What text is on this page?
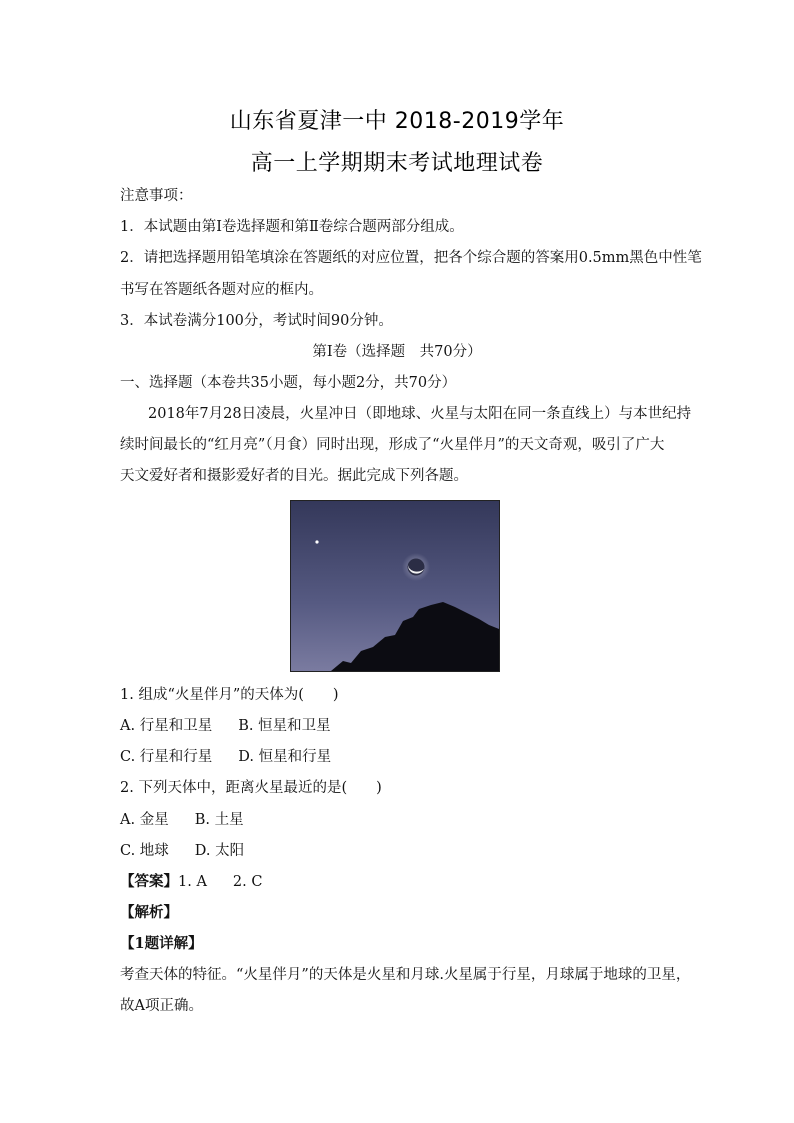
山东省夏津一中 2018-2019学年
高一上学期期末考试地理试卷
注意事项：
1．本试题由第Ⅰ卷选择题和第Ⅱ卷综合题两部分组成。
2．请把选择题用铅笔填涂在答题纸的对应位置，把各个综合题的答案用0.5mm黑色中性笔
书写在答题纸各题对应的框内。
3．本试卷满分100分，考试时间90分钟。
第Ⅰ卷（选择题　共70分）
一、选择题（本卷共35小题，每小题2分，共70分）
2018年7月28日凌晨，火星冲日（即地球、火星与太阳在同一条直线上）与本世纪持
续时间最长的“红月亮”（月食）同时出现，形成了“火星伴月”的天文奇观，吸引了广大
天文爱好者和摄影爱好者的目光。据此完成下列各题。
1. 组成“火星伴月”的天体为(　　)
A. 行星和卫星 B. 恒星和卫星
C. 行星和行星 D. 恒星和行星
2. 下列天体中，距离火星最近的是(　　)
A. 金星 B. 土星
C. 地球 D. 太阳
【答案】1. A 2. C
【解析】
【1题详解】
考查天体的特征。“火星伴月”的天体是火星和月球.火星属于行星，月球属于地球的卫星，
故A项正确。
